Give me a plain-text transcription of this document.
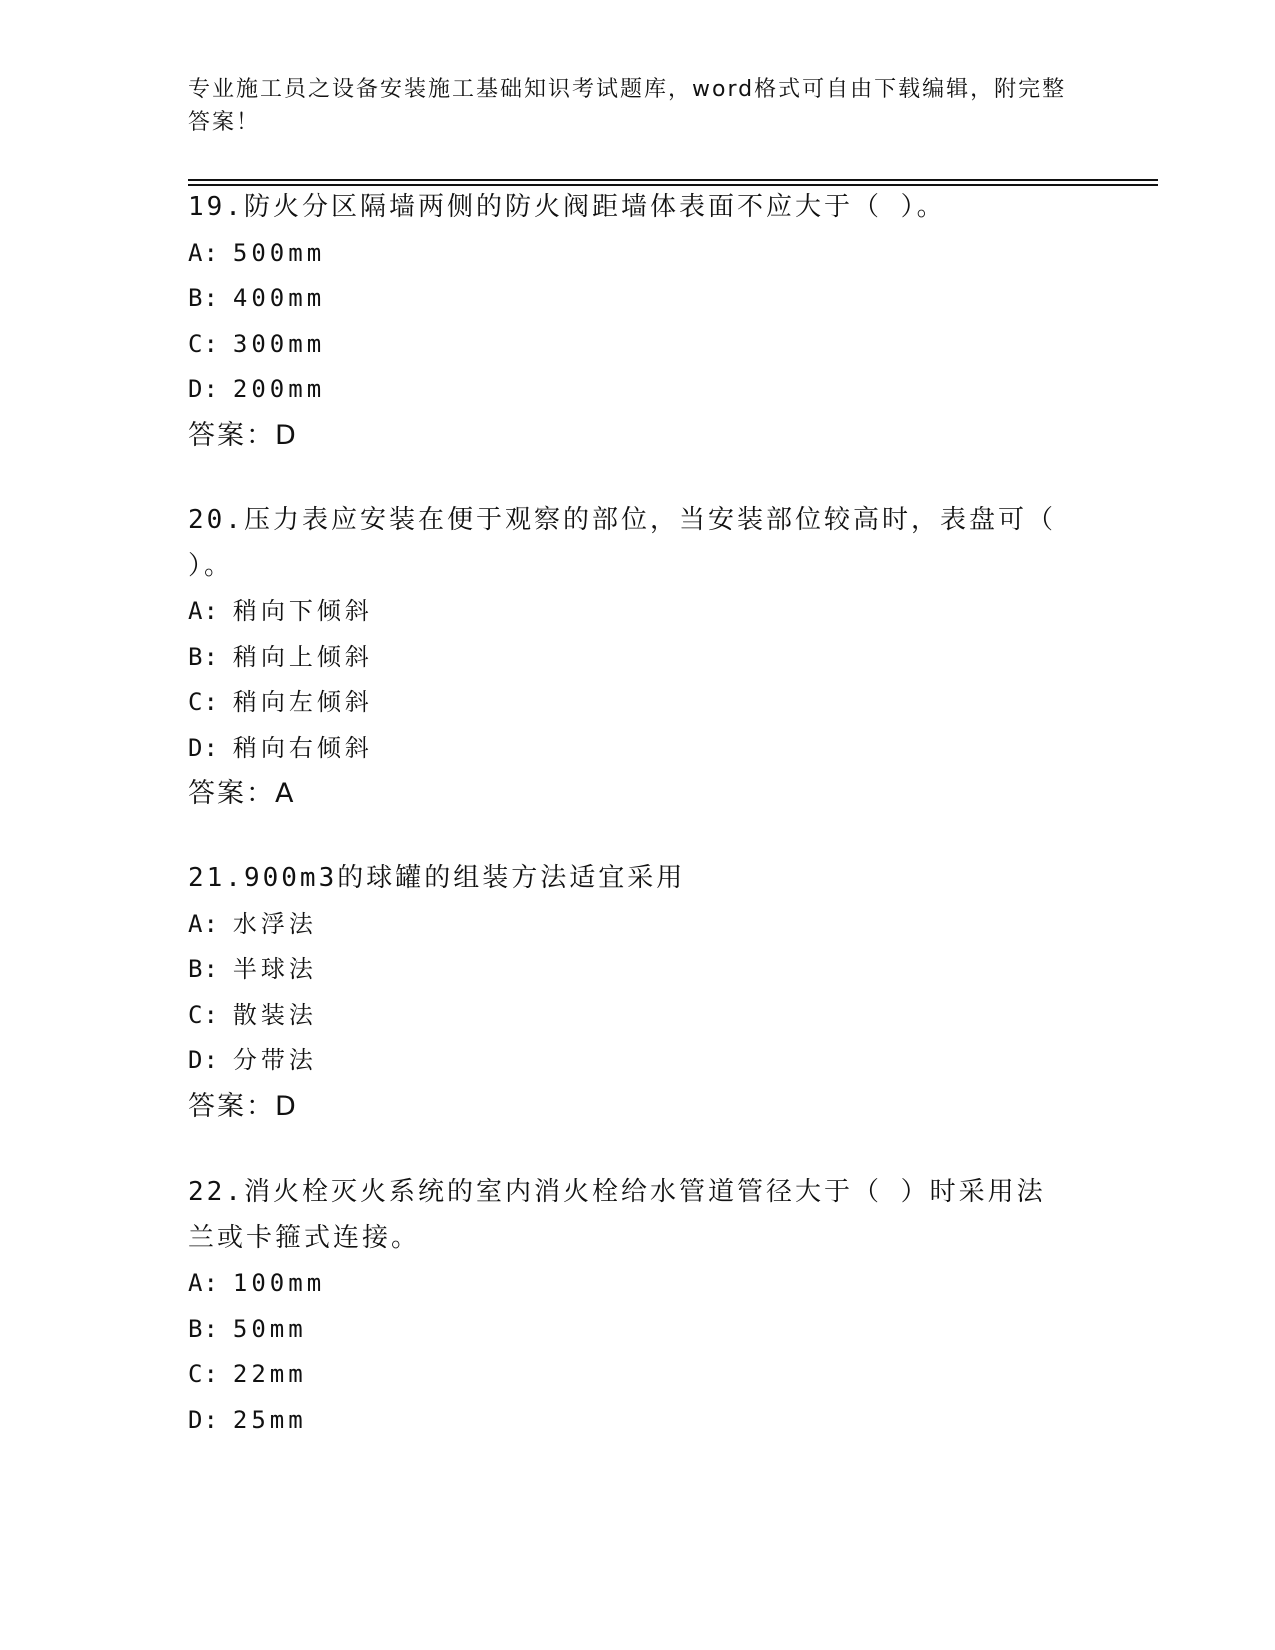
专业施工员之设备安装施工基础知识考试题库，word格式可自由下载编辑，附完整答案！

19.防火分区隔墙两侧的防火阀距墙体表面不应大于（ ）。

A: 500mm

B: 400mm

C: 300mm

D: 200mm

答案：D

20.压力表应安装在便于观察的部位，当安装部位较高时，表盘可（ ）。

A: 稍向下倾斜

B: 稍向上倾斜

C: 稍向左倾斜

D: 稍向右倾斜

答案：A

21.900m3的球罐的组装方法适宜采用

A: 水浮法

B: 半球法

C: 散装法

D: 分带法

答案：D

22.消火栓灭火系统的室内消火栓给水管道管径大于（ ）时采用法兰或卡箍式连接。

A: 100mm

B: 50mm

C: 22mm

D: 25mm
